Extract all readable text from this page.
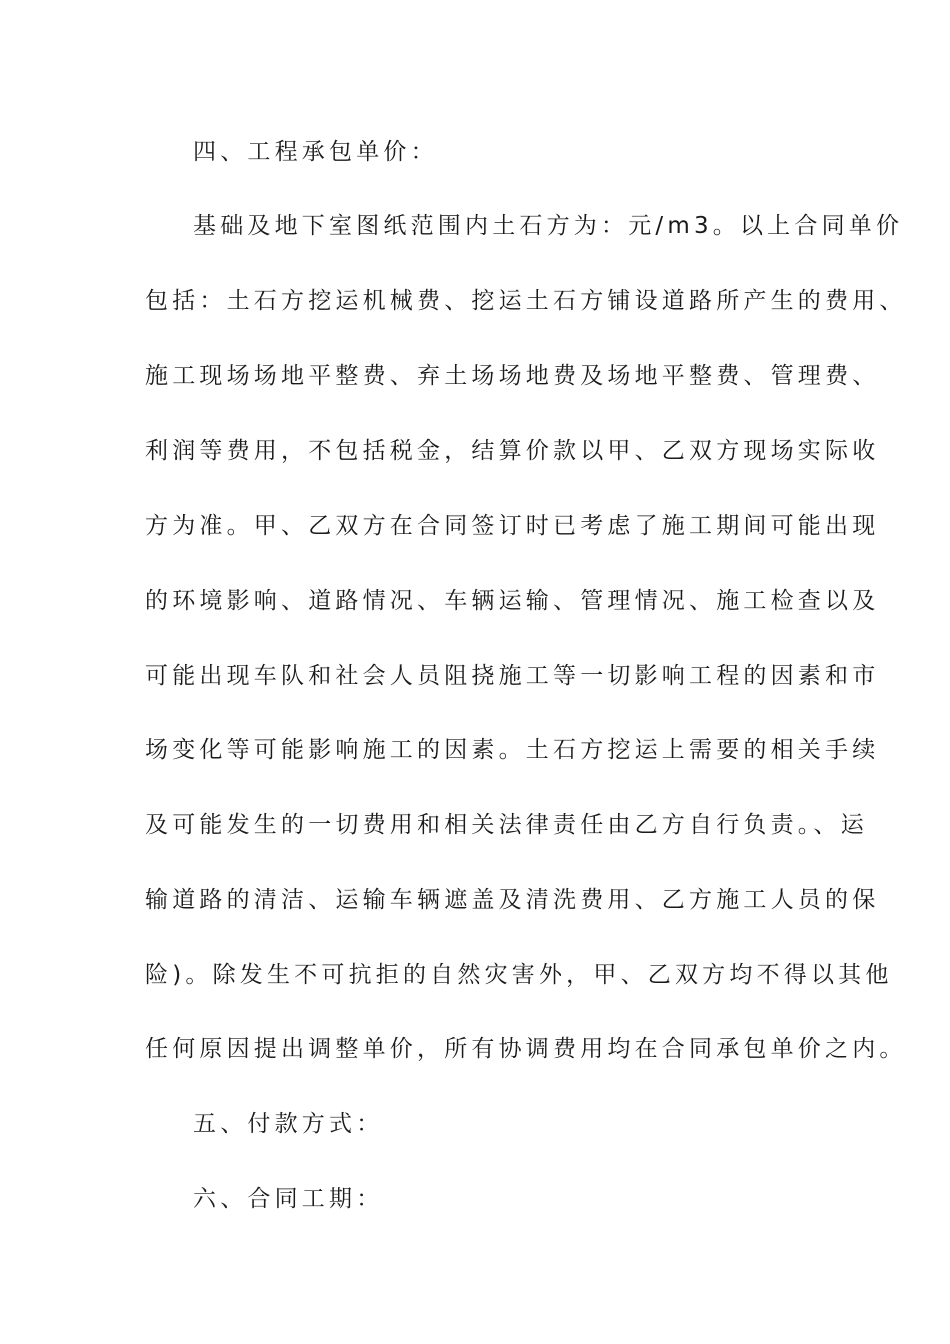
四、工程承包单价：
基础及地下室图纸范围内土石方为：元/m3。以上合同单价
包括：土石方挖运机械费、挖运土石方铺设道路所产生的费用、
施工现场场地平整费、弃土场场地费及场地平整费、管理费、
利润等费用，不包括税金，结算价款以甲、乙双方现场实际收
方为准。甲、乙双方在合同签订时已考虑了施工期间可能出现
的环境影响、道路情况、车辆运输、管理情况、施工检查以及
可能出现车队和社会人员阻挠施工等一切影响工程的因素和市
场变化等可能影响施工的因素。土石方挖运上需要的相关手续
及可能发生的一切费用和相关法律责任由乙方自行负责。、运
输道路的清洁、运输车辆遮盖及清洗费用、乙方施工人员的保
险)。除发生不可抗拒的自然灾害外，甲、乙双方均不得以其他
任何原因提出调整单价，所有协调费用均在合同承包单价之内。
五、付款方式：
六、合同工期：
